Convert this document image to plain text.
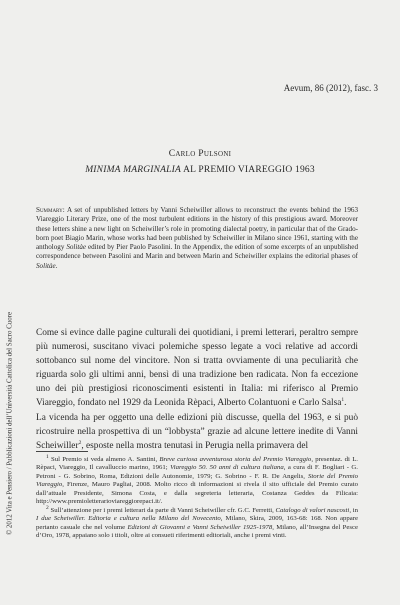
Aevum, 86 (2012), fasc. 3
Carlo Pulsoni
MINIMA MARGINALIA AL PREMIO VIAREGGIO 1963
Summary: A set of unpublished letters by Vanni Scheiwiller allows to reconstruct the events behind the 1963 Viareggio Literary Prize, one of the most turbulent editions in the history of this prestigious award. Moreover these letters shine a new light on Scheiwiller’s role in promoting dialectal poetry, in particular that of the Grado-born poet Biagio Marin, whose works had been published by Scheiwiller in Milano since 1961, starting with the anthology Solitàe edited by Pier Paolo Pasolini. In the Appendix, the edition of some excerpts of an unpublished correspondence between Pasolini and Marin and between Marin and Scheiwiller explains the editorial phases of Solitàe.

Come si evince dalle pagine culturali dei quotidiani, i premi letterari, peraltro sempre più numerosi, suscitano vivaci polemiche spesso legate a voci relative ad accordi sottobanco sul nome del vincitore. Non si tratta ovviamente di una peculiarità che riguarda solo gli ultimi anni, bensì di una tradizione ben radicata. Non fa eccezione uno dei più prestigiosi riconoscimenti esistenti in Italia: mi riferisco al Premio Viareggio, fondato nel 1929 da Leonida Rèpaci, Alberto Colantuoni e Carlo Salsa$^1$.

La vicenda ha per oggetto una delle edizioni più discusse, quella del 1963, e si può ricostruire nella prospettiva di un “lobbysta” grazie ad alcune lettere inedite di Vanni Scheiwiller$^2$, esposte nella mostra tenutasi in Perugia nella primavera del

$^1$ Sul Premio si veda almeno A. Santini, Breve curiosa avventurosa storia del Premio Viareggio, presentaz. di L. Rèpaci, Viareggio, Il cavalluccio marino, 1961; Viareggio 50. 50 anni di cultura italiana, a cura di F. Bogliari - G. Petroni - G. Sobrino, Roma, Edizioni delle Autonomie, 1979; G. Sobrino - F. R. De Angelis, Storie del Premio Viareggio, Firenze, Mauro Pagliai, 2008. Molto ricco di informazioni si rivela il sito ufficiale del Premio curato dall’attuale Presidente, Simona Costa, e dalla segreteria letteraria, Costanza Geddes da Filicaia: http://www.premioletterarioviareggiorepaci.it/.

$^2$ Sull’attenzione per i premi letterari da parte di Vanni Scheiwiller cfr. G.C. Ferretti, Catalogo di valori nascosti, in I due Scheiwiller. Editoria e cultura nella Milano del Novecento, Milano, Skira, 2009, 163-68: 168. Non appare pertanto casuale che nel volume Edizioni di Giovanni e Vanni Scheiwiller 1925-1978, Milano, all’Insegna del Pesce d’Oro, 1978, appaiano solo i titoli, oltre ai consueti riferimenti editoriali, anche i premi vinti.

© 2012 Vita e Pensiero / Pubblicazioni dell’Università Cattolica del Sacro Cuore
